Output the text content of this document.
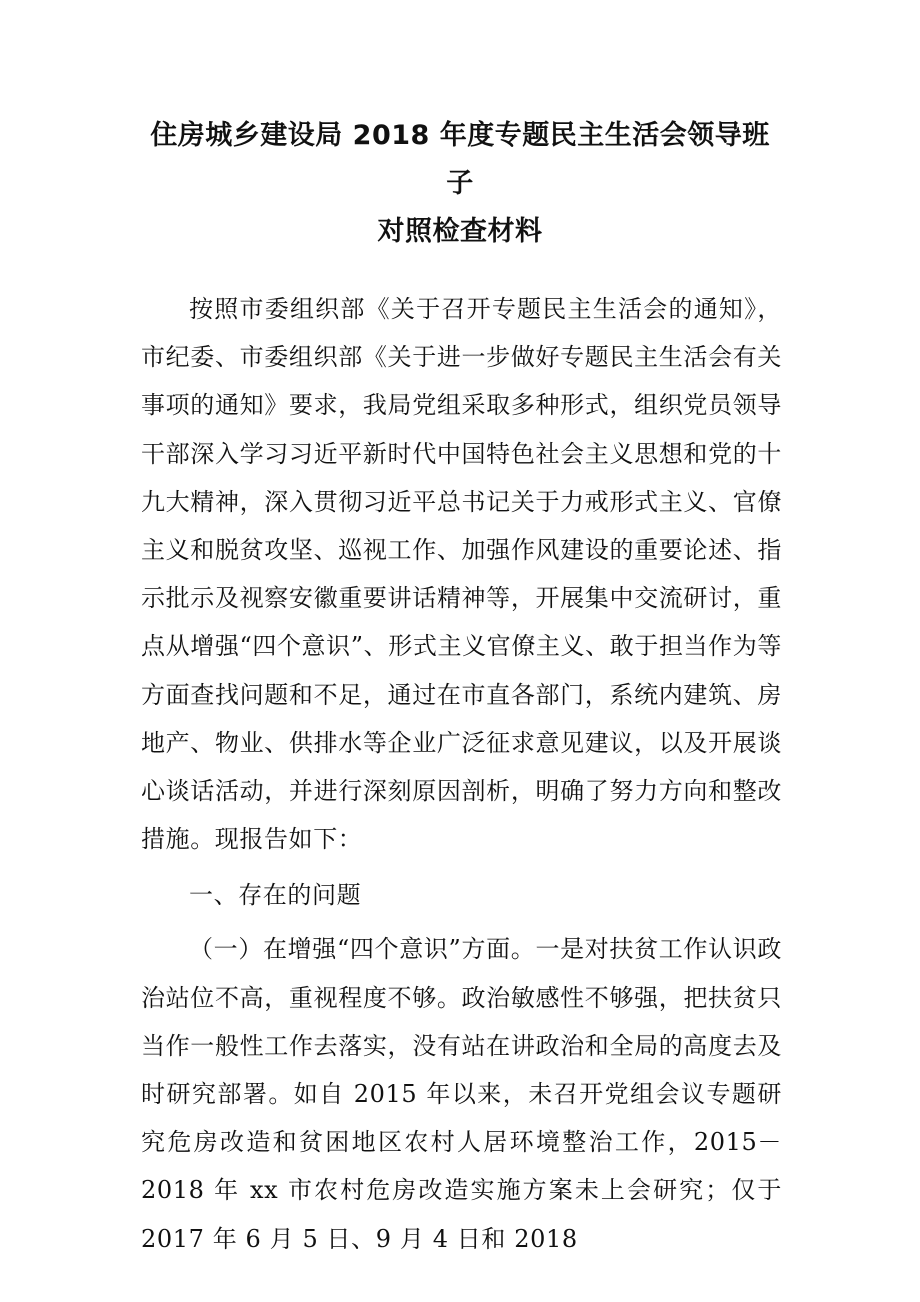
住房城乡建设局 2018 年度专题民主生活会领导班子
对照检查材料

按照市委组织部《关于召开专题民主生活会的通知》，市纪委、市委组织部《关于进一步做好专题民主生活会有关事项的通知》要求，我局党组采取多种形式，组织党员领导干部深入学习习近平新时代中国特色社会主义思想和党的十九大精神，深入贯彻习近平总书记关于力戒形式主义、官僚主义和脱贫攻坚、巡视工作、加强作风建设的重要论述、指示批示及视察安徽重要讲话精神等，开展集中交流研讨，重点从增强“四个意识”、形式主义官僚主义、敢于担当作为等方面查找问题和不足，通过在市直各部门，系统内建筑、房地产、物业、供排水等企业广泛征求意见建议，以及开展谈心谈话活动，并进行深刻原因剖析，明确了努力方向和整改措施。现报告如下：

一、存在的问题

（一）在增强“四个意识”方面。一是对扶贫工作认识政治站位不高，重视程度不够。政治敏感性不够强，把扶贫只当作一般性工作去落实，没有站在讲政治和全局的高度去及时研究部署。如自 2015 年以来，未召开党组会议专题研究危房改造和贫困地区农村人居环境整治工作，2015－2018 年 xx 市农村危房改造实施方案未上会研究；仅于 2017 年 6 月 5 日、9 月 4 日和 2018
